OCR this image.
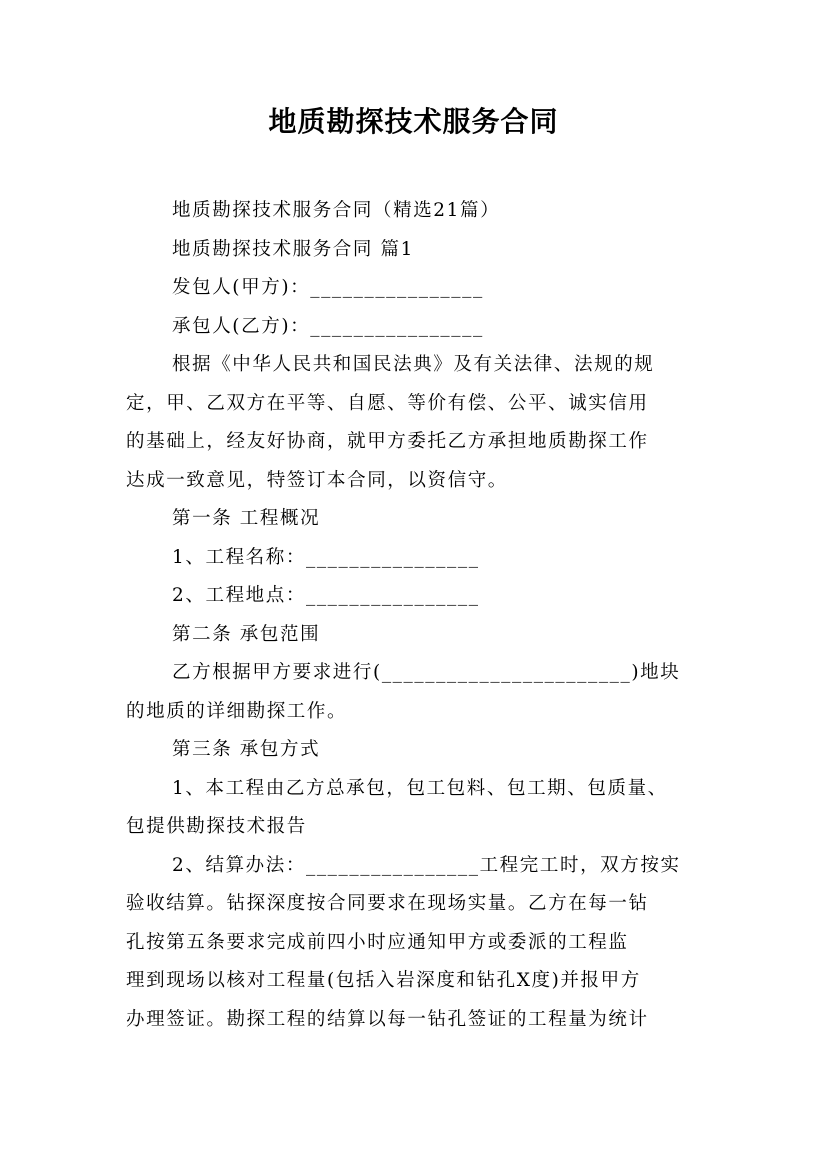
地质勘探技术服务合同
地质勘探技术服务合同（精选21篇）
地质勘探技术服务合同 篇1
发包人(甲方)：________________
承包人(乙方)：________________
根据《中华人民共和国民法典》及有关法律、法规的规
定，甲、乙双方在平等、自愿、等价有偿、公平、诚实信用
的基础上，经友好协商，就甲方委托乙方承担地质勘探工作
达成一致意见，特签订本合同，以资信守。
第一条 工程概况
1、工程名称：________________
2、工程地点：________________
第二条 承包范围
乙方根据甲方要求进行(_______________________)地块
的地质的详细勘探工作。
第三条 承包方式
1、本工程由乙方总承包，包工包料、包工期、包质量、
包提供勘探技术报告
2、结算办法：________________工程完工时，双方按实
验收结算。钻探深度按合同要求在现场实量。乙方在每一钻
孔按第五条要求完成前四小时应通知甲方或委派的工程监
理到现场以核对工程量(包括入岩深度和钻孔X度)并报甲方
办理签证。勘探工程的结算以每一钻孔签证的工程量为统计
